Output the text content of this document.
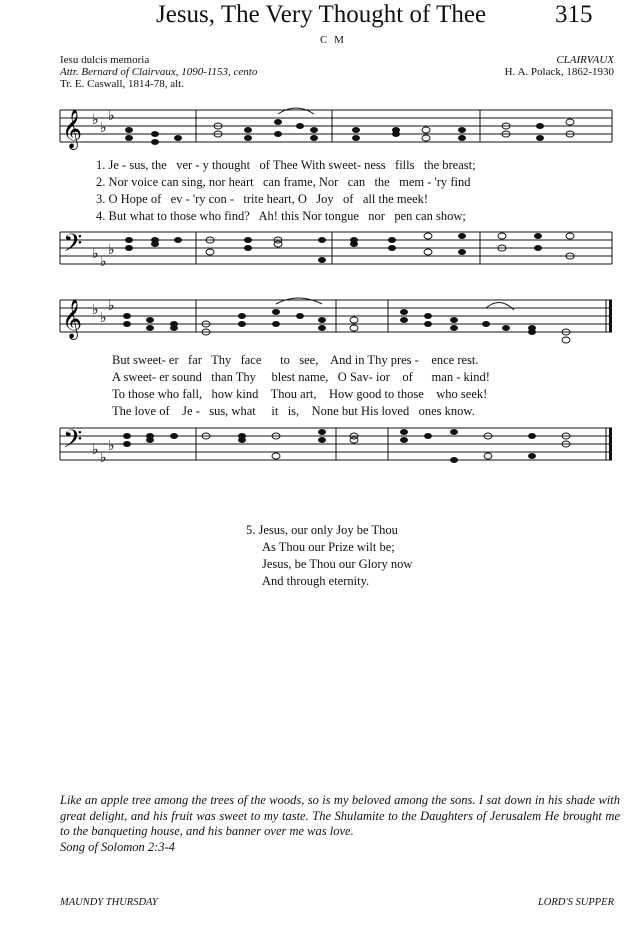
Jesus, The Very Thought of Thee	315
C M
Iesu dulcis memoria
Attr. Bernard of Clairvaux, 1090-1153, cento
Tr. E. Caswall, 1814-78, alt.
CLAIRVAUX
H. A. Polack, 1862-1930
𝄞 ♭
♭
♭
1. Je - sus, the ver - y thought of Thee With sweet- ness fills the breast;
2. Nor voice can sing, nor heart can frame, Nor can the mem - 'ry find
3. O Hope of ev - 'ry con - trite heart, O Joy of all the meek!
4. But what to those who find? Ah! this Nor tongue nor pen can show;
𝄢 ♭
♭
♭
𝄞 ♭
♭
♭
But sweet- er far Thy face to see, And in Thy pres - ence rest.
A sweet- er sound than Thy blest name, O Sav- ior of man - kind!
To those who fall, how kind Thou art, How good to those who seek!
The love of Je - sus, what it is, None but His loved ones know.
𝄢 ♭
♭
♭
5. Jesus, our only Joy be Thou
As Thou our Prize wilt be;
Jesus, be Thou our Glory now
And through eternity.
Like an apple tree among the trees of the woods, so is my beloved among the sons. I sat down in his shade with great delight, and his fruit was sweet to my taste. The Shulamite to the Daughters of Jerusalem He brought me to the banqueting house, and his banner over me was love.
Song of Solomon 2:3-4
MAUNDY THURSDAY	LORD'S SUPPER
